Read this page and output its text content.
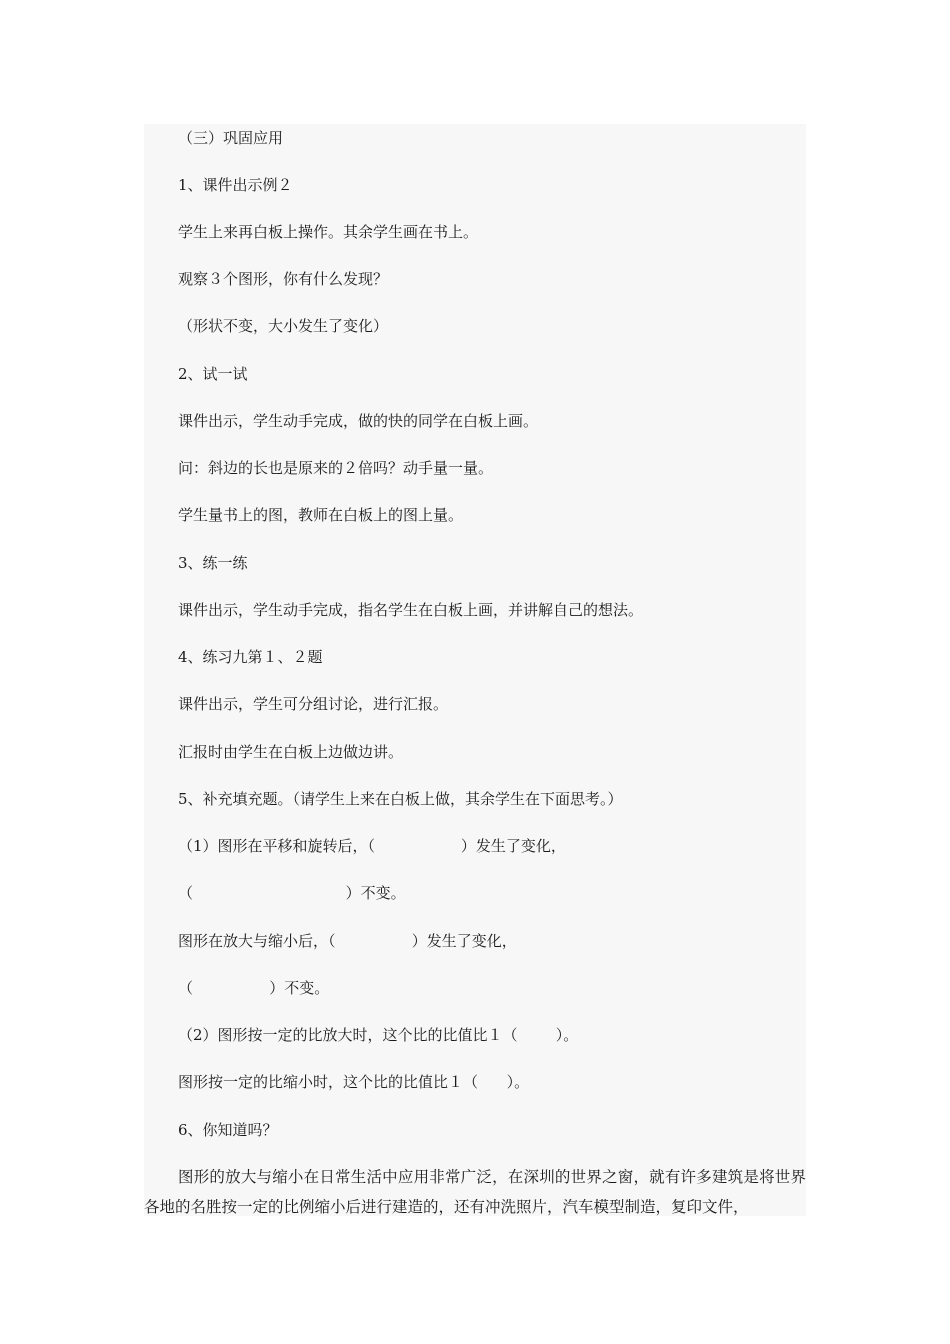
（三）巩固应用

1、课件出示例２

学生上来再白板上操作。其余学生画在书上。

观察３个图形，你有什么发现？

（形状不变，大小发生了变化）

2、试一试

课件出示，学生动手完成，做的快的同学在白板上画。

问：斜边的长也是原来的２倍吗？动手量一量。

学生量书上的图，教师在白板上的图上量。

3、练一练

课件出示，学生动手完成，指名学生在白板上画，并讲解自己的想法。

4、练习九第１、２题

课件出示，学生可分组讨论，进行汇报。

汇报时由学生在白板上边做边讲。

5、补充填充题。（请学生上来在白板上做，其余学生在下面思考。）

（1）图形在平移和旋转后，（                  ）发生了变化，

（                                ）不变。

图形在放大与缩小后，（                ）发生了变化，

（                ）不变。

（2）图形按一定的比放大时，这个比的比值比１（        ）。

图形按一定的比缩小时，这个比的比值比１（      ）。

6、你知道吗？

图形的放大与缩小在日常生活中应用非常广泛，在深圳的世界之窗，就有许多建筑是将世界各地的名胜按一定的比例缩小后进行建造的，还有冲洗照片，汽车模型制造，复印文件，
